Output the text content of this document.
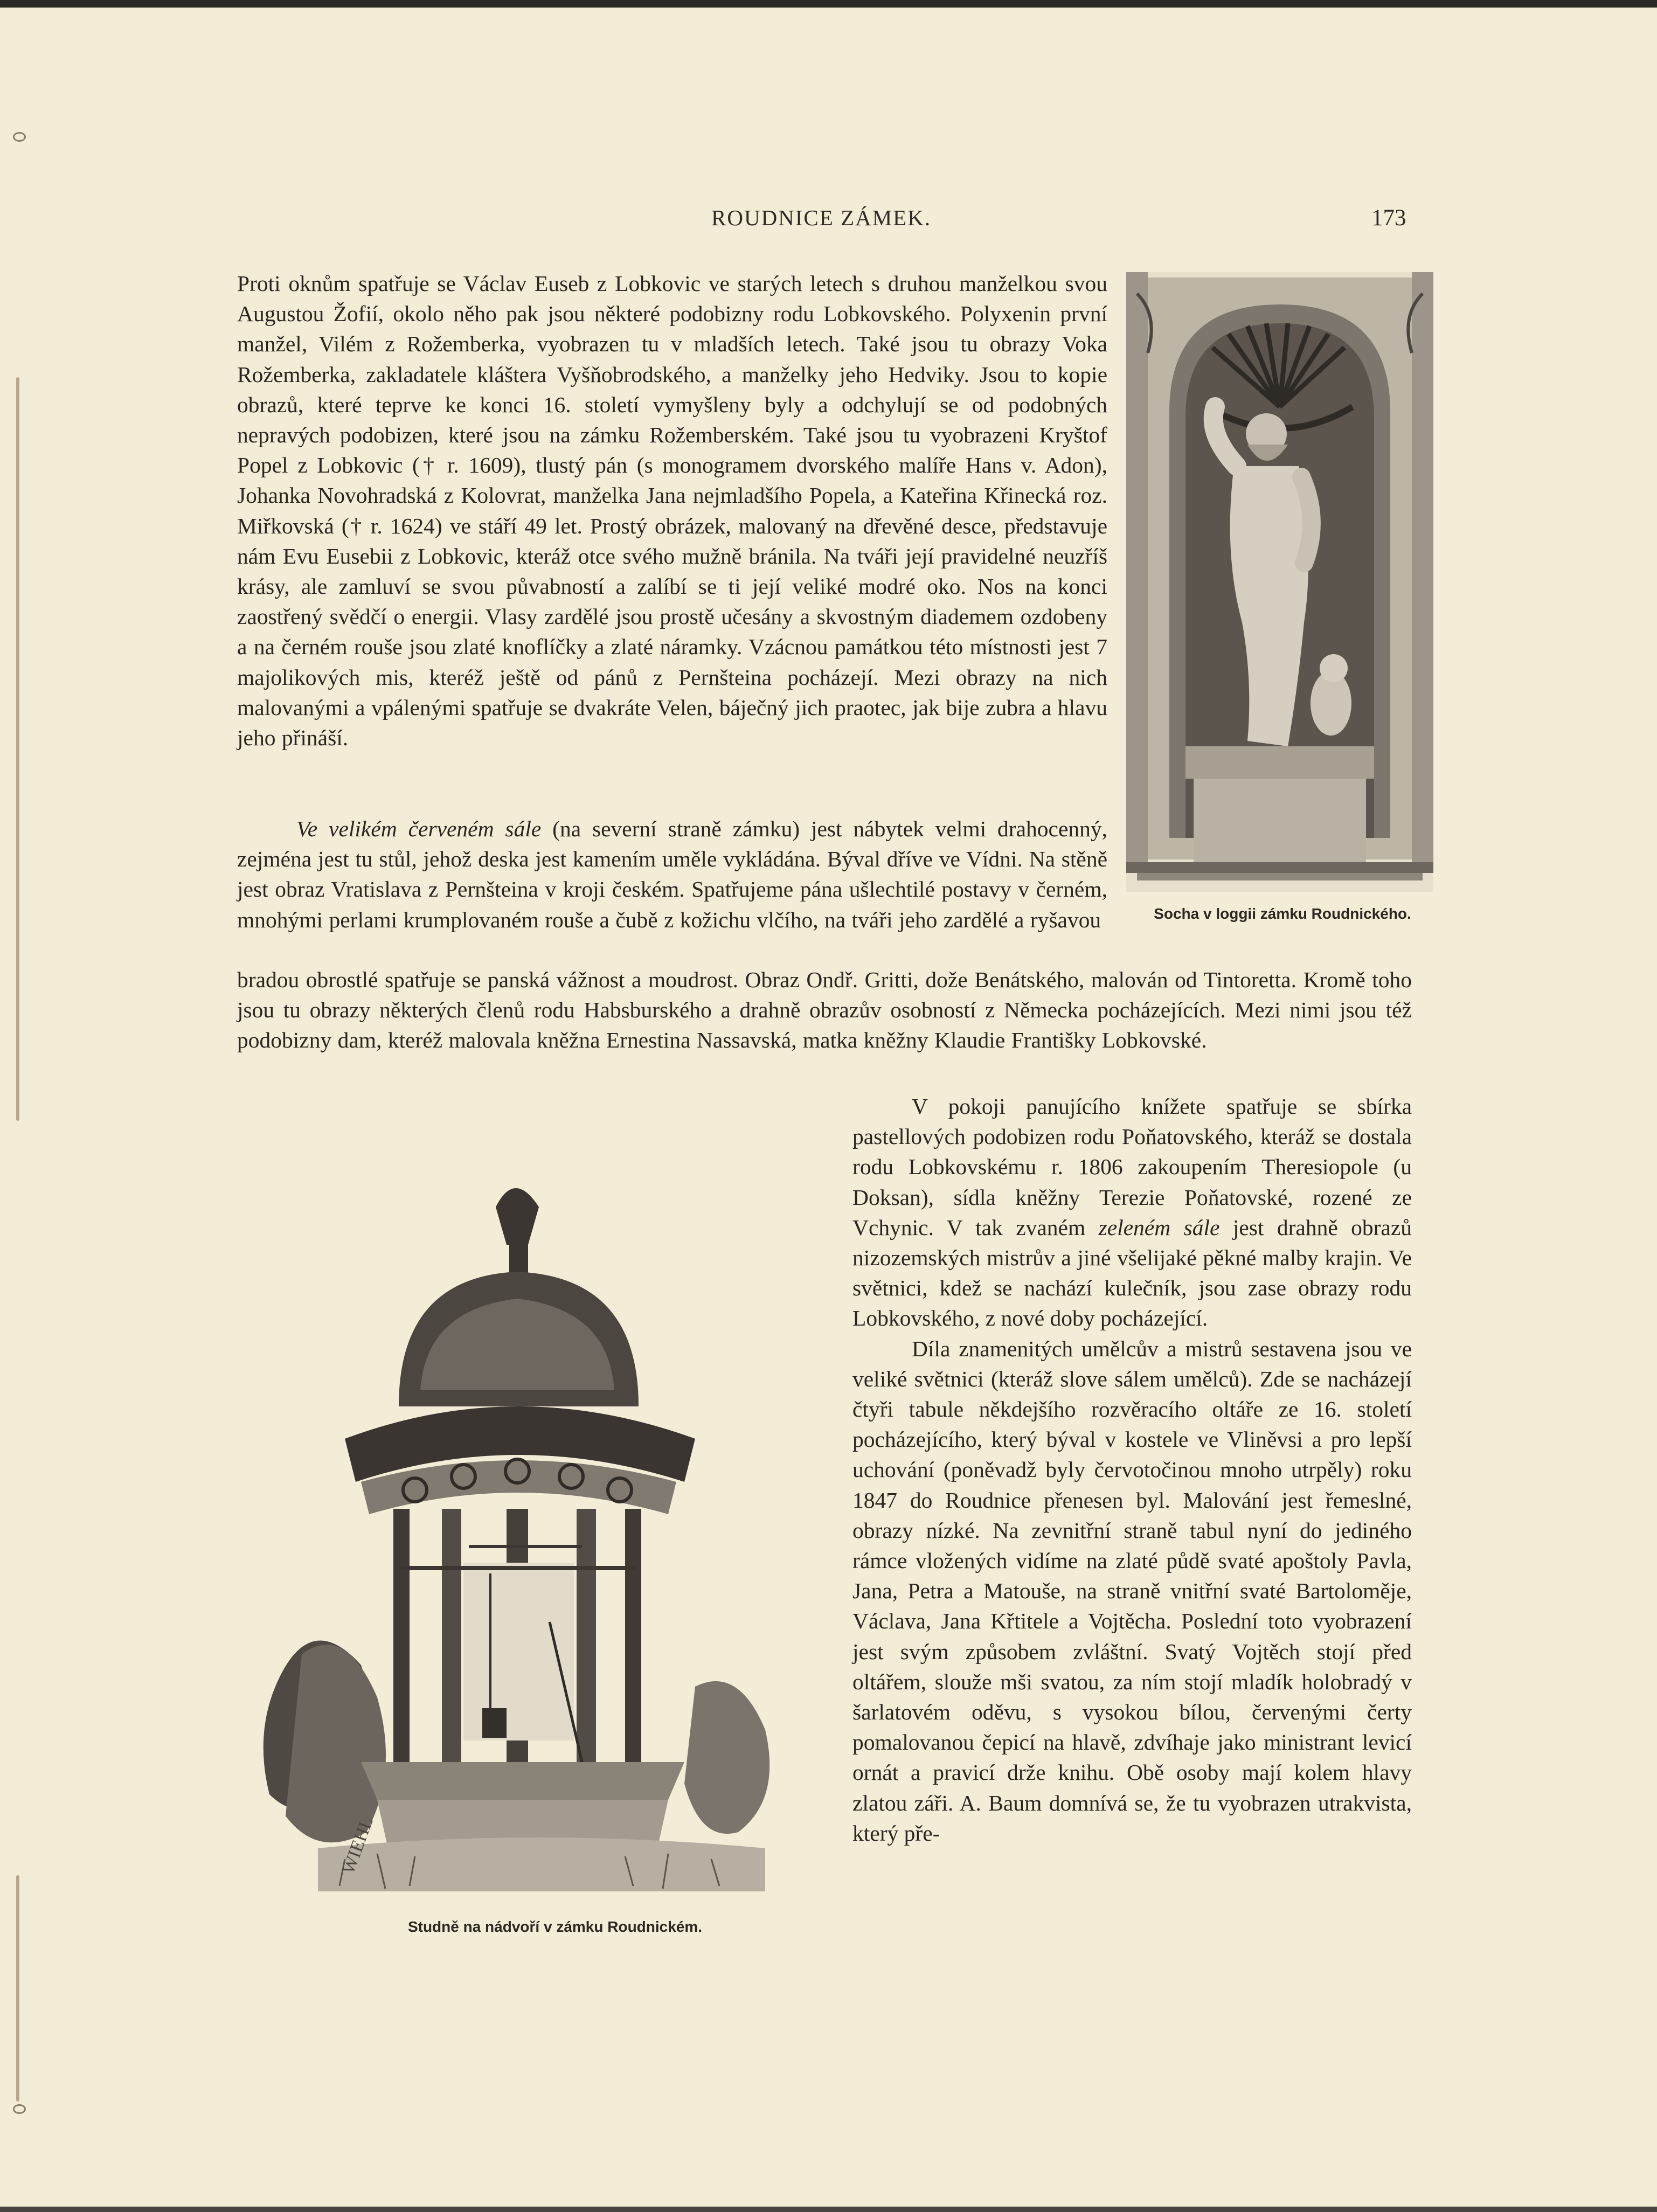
ROUDNICE ZÁMEK.	173
Proti oknům spatřuje se Václav Euseb z Lobkovic ve starých letech s druhou manželkou svou Augustou Žofií, okolo něho pak jsou některé podobizny rodu Lobkovského. Polyxenin první manžel, Vilém z Rožemberka, vyobrazen tu v mladších letech. Také jsou tu obrazy Voka Rožemberka, zakladatele kláštera Vyšňobrodského, a manželky jeho Hedviky. Jsou to kopie obrazů, které teprve ke konci 16. století vymyšleny byly a odchylují se od podobných nepravých podobizen, které jsou na zámku Rožemberském. Také jsou tu vyobrazeni Kryštof Popel z Lobkovic († r. 1609), tlustý pán (s monogramem dvorského malíře Hans v. Adon), Johanka Novohradská z Kolovrat, manželka Jana nejmladšího Popela, a Kateřina Křinecká roz. Miřkovská († r. 1624) ve stáří 49 let. Prostý obrázek, malovaný na dřevěné desce, představuje nám Evu Eusebii z Lobkovic, kteráž otce svého mužně bránila. Na tváři její pravidelné neuzříš krásy, ale zamluví se svou půvabností a zalíbí se ti její veliké modré oko. Nos na konci zaostřený svědčí o energii. Vlasy zardělé jsou prostě učesány a skvostným diademem ozdobeny a na černém rouše jsou zlaté knoflíčky a zlaté náramky. Vzácnou památkou této místnosti jest 7 majolikových mis, kteréž ještě od pánů z Pernšteina pocházejí. Mezi obrazy na nich malovanými a vpálenými spatřuje se dvakráte Velen, báječný jich praotec, jak bije zubra a hlavu jeho přináší.
Ve velikém červeném sále (na severní straně zámku) jest nábytek velmi drahocenný, zejména jest tu stůl, jehož deska jest kamením uměle vykládána. Býval dříve ve Vídni. Na stěně jest obraz Vratislava z Pernšteina v kroji českém. Spatřujeme pána ušlechtilé postavy v černém, mnohými perlami krumplovaném rouše a čubě z kožichu vlčího, na tváři jeho zardělé a ryšavou
bradou obrostlé spatřuje se panská vážnost a moudrost. Obraz Ondř. Gritti, dože Benátského, malován od Tintoretta. Kromě toho jsou tu obrazy některých členů rodu Habsburského a drahně obrazův osobností z Německa pocházejících. Mezi nimi jsou též podobizny dam, kteréž malovala kněžna Ernestina Nassavská, matka kněžny Klaudie Františky Lobkovské.

V pokoji panujícího knížete spatřuje se sbírka pastellových podobizen rodu Poňatovského, kteráž se dostala rodu Lobkovskému r. 1806 zakoupením Theresiopole (u Doksan), sídla kněžny Terezie Poňatovské, rozené ze Vchynic. V tak zvaném zeleném sále jest drahně obrazů nizozemských mistrův a jiné všelijaké pěkné malby krajin. Ve světnici, kdež se nachází kulečník, jsou zase obrazy rodu Lobkovského, z nové doby pocházející.

Díla znamenitých umělcův a mistrů sestavena jsou ve veliké světnici (kteráž slove sálem umělců). Zde se nacházejí čtyři tabule někdejšího rozvěracího oltáře ze 16. století pocházejícího, který býval v kostele ve Vliněvsi a pro lepší uchování (poněvadž byly červotočinou mnoho utrpěly) roku 1847 do Roudnice přenesen byl. Malování jest řemeslné, obrazy nízké. Na zevnitřní straně tabul nyní do jediného rámce vložených vidíme na zlaté půdě svaté apoštoly Pavla, Jana, Petra a Matouše, na straně vnitřní svaté Bartoloměje, Václava, Jana Křtitele a Vojtěcha. Poslední toto vyobrazení jest svým způsobem zvláštní. Svatý Vojtěch stojí před oltářem, slouže mši svatou, za ním stojí mladík holobradý v šarlatovém oděvu, s vysokou bílou, červenými čerty pomalovanou čepicí na hlavě, zdvíhaje jako ministrant levicí ornát a pravicí drže knihu. Obě osoby mají kolem hlavy zlatou záři. A. Baum domnívá se, že tu vyobrazen utrakvista, který pře-

Socha v loggii zámku Roudnického.
WIEHL
Studně na nádvoří v zámku Roudnickém.
